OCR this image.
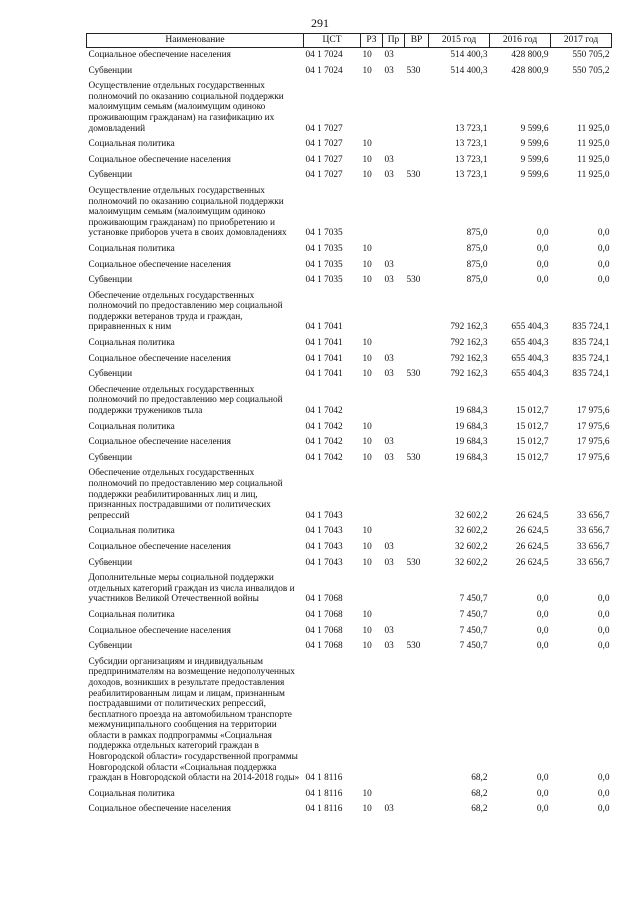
291
Наименование	ЦСТ	РЗ	Пр	ВР	2015 год	2016 год	2017 год
Социальное обеспечение населения	04 1 7024	10	03		514 400,3	428 800,9	550 705,2
Субвенции	04 1 7024	10	03	530	514 400,3	428 800,9	550 705,2
Осуществление отдельных государственных полномочий по оказанию социальной поддержки малоимущим семьям (малоимущим одиноко проживающим гражданам) на газификацию их домовладений	04 1 7027				13 723,1	9 599,6	11 925,0
Социальная политика	04 1 7027	10			13 723,1	9 599,6	11 925,0
Социальное обеспечение населения	04 1 7027	10	03		13 723,1	9 599,6	11 925,0
Субвенции	04 1 7027	10	03	530	13 723,1	9 599,6	11 925,0
Осуществление отдельных государственных полномочий по оказанию социальной поддержки малоимущим семьям (малоимущим одиноко проживающим гражданам) по приобретению и установке приборов учета в своих домовладениях	04 1 7035				875,0	0,0	0,0
Социальная политика	04 1 7035	10			875,0	0,0	0,0
Социальное обеспечение населения	04 1 7035	10	03		875,0	0,0	0,0
Субвенции	04 1 7035	10	03	530	875,0	0,0	0,0
Обеспечение отдельных государственных полномочий по предоставлению мер социальной поддержки ветеранов труда и граждан, приравненных к ним	04 1 7041				792 162,3	655 404,3	835 724,1
Социальная политика	04 1 7041	10			792 162,3	655 404,3	835 724,1
Социальное обеспечение населения	04 1 7041	10	03		792 162,3	655 404,3	835 724,1
Субвенции	04 1 7041	10	03	530	792 162,3	655 404,3	835 724,1
Обеспечение отдельных государственных полномочий по предоставлению мер социальной поддержки тружеников тыла	04 1 7042				19 684,3	15 012,7	17 975,6
Социальная политика	04 1 7042	10			19 684,3	15 012,7	17 975,6
Социальное обеспечение населения	04 1 7042	10	03		19 684,3	15 012,7	17 975,6
Субвенции	04 1 7042	10	03	530	19 684,3	15 012,7	17 975,6
Обеспечение отдельных государственных полномочий по предоставлению мер социальной поддержки реабилитированных лиц и лиц, признанных пострадавшими от политических репрессий	04 1 7043				32 602,2	26 624,5	33 656,7
Социальная политика	04 1 7043	10			32 602,2	26 624,5	33 656,7
Социальное обеспечение населения	04 1 7043	10	03		32 602,2	26 624,5	33 656,7
Субвенции	04 1 7043	10	03	530	32 602,2	26 624,5	33 656,7
Дополнительные меры социальной поддержки отдельных категорий граждан из числа инвалидов и участников Великой Отечественной войны	04 1 7068				7 450,7	0,0	0,0
Социальная политика	04 1 7068	10			7 450,7	0,0	0,0
Социальное обеспечение населения	04 1 7068	10	03		7 450,7	0,0	0,0
Субвенции	04 1 7068	10	03	530	7 450,7	0,0	0,0
Субсидии организациям и индивидуальным предпринимателям на возмещение недополученных доходов, возникших в результате предоставления реабилитированным лицам и лицам, признанным пострадавшими от политических репрессий, бесплатного проезда на автомобильном транспорте межмуниципального сообщения на территории области в рамках подпрограммы «Социальная поддержка отдельных категорий граждан в Новгородской области» государственной программы Новгородской области «Социальная поддержка граждан в Новгородской области на 2014-2018 годы»	04 1 8116				68,2	0,0	0,0
Социальная политика	04 1 8116	10			68,2	0,0	0,0
Социальное обеспечение населения	04 1 8116	10	03		68,2	0,0	0,0
